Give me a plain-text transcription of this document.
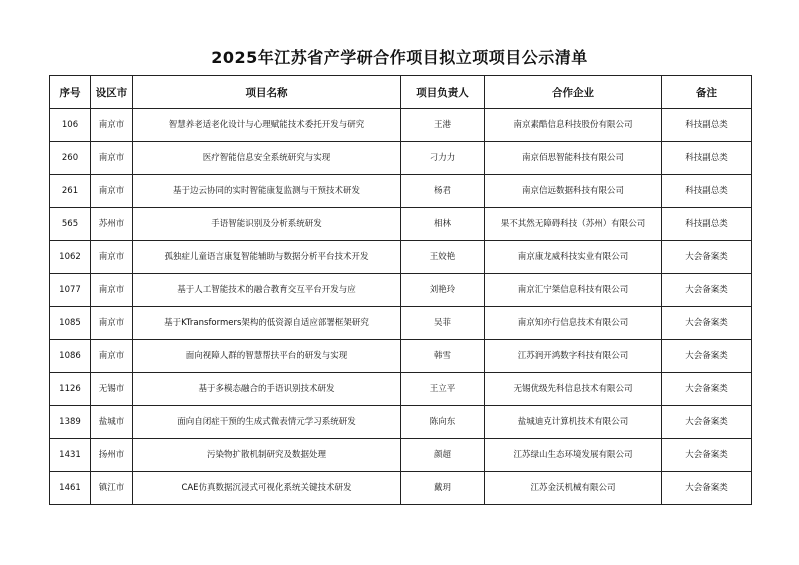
2025年江苏省产学研合作项目拟立项项目公示清单
序号	设区市	项目名称	项目负责人	合作企业	备注
106	南京市	智慧养老适老化设计与心理赋能技术委托开发与研究	王港	南京素酷信息科技股份有限公司	科技副总类
260	南京市	医疗智能信息安全系统研究与实现	刁力力	南京佰思智能科技有限公司	科技副总类
261	南京市	基于边云协同的实时智能康复监测与干预技术研发	杨君	南京信远数据科技有限公司	科技副总类
565	苏州市	手语智能识别及分析系统研发	相林	果不其然无障碍科技（苏州）有限公司	科技副总类
1062	南京市	孤独症儿童语言康复智能辅助与数据分析平台技术开发	王姣艳	南京康龙威科技实业有限公司	大会备案类
1077	南京市	基于人工智能技术的融合教育交互平台开发与应	刘艳玲	南京汇宁桀信息科技有限公司	大会备案类
1085	南京市	基于KTransformers架构的低资源自适应部署框架研究	吴菲	南京知亦行信息技术有限公司	大会备案类
1086	南京市	面向视障人群的智慧帮扶平台的研发与实现	韩雪	江苏润开鸿数字科技有限公司	大会备案类
1126	无锡市	基于多模态融合的手语识别技术研发	王立平	无锡优级先科信息技术有限公司	大会备案类
1389	盐城市	面向自闭症干预的生成式微表情元学习系统研发	陈向东	盐城迪克计算机技术有限公司	大会备案类
1431	扬州市	污染物扩散机制研究及数据处理	颜超	江苏绿山生态环境发展有限公司	大会备案类
1461	镇江市	CAE仿真数据沉浸式可视化系统关键技术研发	戴玥	江苏金沃机械有限公司	大会备案类
